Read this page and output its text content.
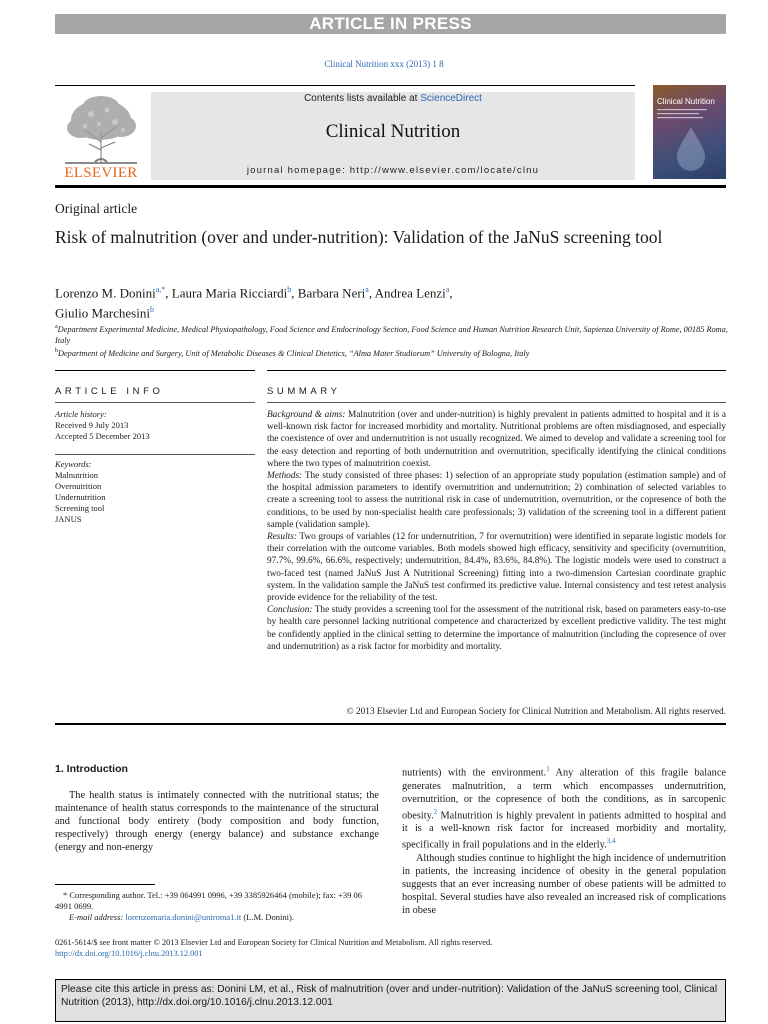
ARTICLE IN PRESS
Clinical Nutrition xxx (2013) 1 8
ELSEVIER
Contents lists available at ScienceDirect
Clinical Nutrition
journal homepage: http://www.elsevier.com/locate/clnu
Clinical Nutrition
Original article
Risk of malnutrition (over and under-nutrition): Validation of the JaNuS screening tool
Lorenzo M. Donini$^{a,*}$, Laura Maria Ricciardi$^b$, Barbara Neri$^a$, Andrea Lenzi$^a$,
Giulio Marchesini$^b$
$^a$Department Experimental Medicine, Medical Physiopathology, Food Science and Endocrinology Section, Food Science and Human Nutrition Research Unit, Sapienza University of Rome, 00185 Roma, Italy
$^b$Department of Medicine and Surgery, Unit of Metabolic Diseases & Clinical Dietetics, “Alma Mater Studiorum” University of Bologna, Italy
ARTICLE INFO	SUMMARY
Article history:
Received 9 July 2013
Accepted 5 December 2013
Keywords:
Malnutrition
Overnutrition
Undernutrition
Screening tool
JANUS

Background & aims: Malnutrition (over and under-nutrition) is highly prevalent in patients admitted to hospital and it is a well-known risk factor for increased morbidity and mortality. Nutritional problems are often misdiagnosed, and especially the coexistence of over and undernutrition is not usually recognized. We aimed to develop and validate a screening tool for the easy detection and reporting of both undernutrition and overnutrition, specifically identifying the clinical conditions where the two types of malnutrition coexist.

Methods: The study consisted of three phases: 1) selection of an appropriate study population (estimation sample) and of the hospital admission parameters to identify overnutrition and undernutrition; 2) combination of selected variables to create a screening tool to assess the nutritional risk in case of undernutrition, overnutrition, or the copresence of both the conditions, to be used by non-specialist health care professionals; 3) validation of the screening tool in a different patient sample (validation sample).

Results: Two groups of variables (12 for undernutrition, 7 for overnutrition) were identified in separate logistic models for their correlation with the outcome variables. Both models showed high efficacy, sensitivity and specificity (overnutrition, 97.7%, 99.6%, 66.6%, respectively; undernutrition, 84.4%, 83.6%, 84.8%). The logistic models were used to construct a two-faced test (named JaNuS Just A Nutritional Screening) fitting into a two-dimension Cartesian coordinate graphic system. In the validation sample the JaNuS test confirmed its predictive value. Internal consistency and test retest analysis provide evidence for the reliability of the test.

Conclusion: The study provides a screening tool for the assessment of the nutritional risk, based on parameters easy-to-use by health care personnel lacking nutritional competence and characterized by excellent predictive validity. The test might be confidently applied in the clinical setting to determine the importance of malnutrition (including the copresence of over and undernutrition) as a risk factor for morbidity and mortality.

© 2013 Elsevier Ltd and European Society for Clinical Nutrition and Metabolism. All rights reserved.
1. Introduction
The health status is intimately connected with the nutritional status; the maintenance of health status corresponds to the maintenance of the structural and functional body entirety (body composition and body function, respectively) through energy (energy balance) and substance exchange (energy and non-energy
nutrients) with the environment.$^1$ Any alteration of this fragile balance generates malnutrition, a term which encompasses undernutrition, overnutrition, or the copresence of both the conditions, as in sarcopenic obesity.$^2$ Malnutrition is highly prevalent in patients admitted to hospital and it is a well-known risk factor for increased morbidity and mortality, specifically in frail populations and in the elderly.$^{3,4}$
Although studies continue to highlight the high incidence of undernutrition in patients, the increasing incidence of obesity in the general population suggests that an ever increasing number of obese patients will be admitted to hospital. Several studies have also revealed an increased risk of complications in obese
* Corresponding author. Tel.: +39 064991 0996, +39 3385926464 (mobile); fax: +39 06 4991 0699.
E-mail address: lorenzomaria.donini@uniroma1.it (L.M. Donini).
0261-5614/$ see front matter © 2013 Elsevier Ltd and European Society for Clinical Nutrition and Metabolism. All rights reserved.
http://dx.doi.org/10.1016/j.clnu.2013.12.001
Please cite this article in press as: Donini LM, et al., Risk of malnutrition (over and under-nutrition): Validation of the JaNuS screening tool, Clinical Nutrition (2013), http://dx.doi.org/10.1016/j.clnu.2013.12.001
